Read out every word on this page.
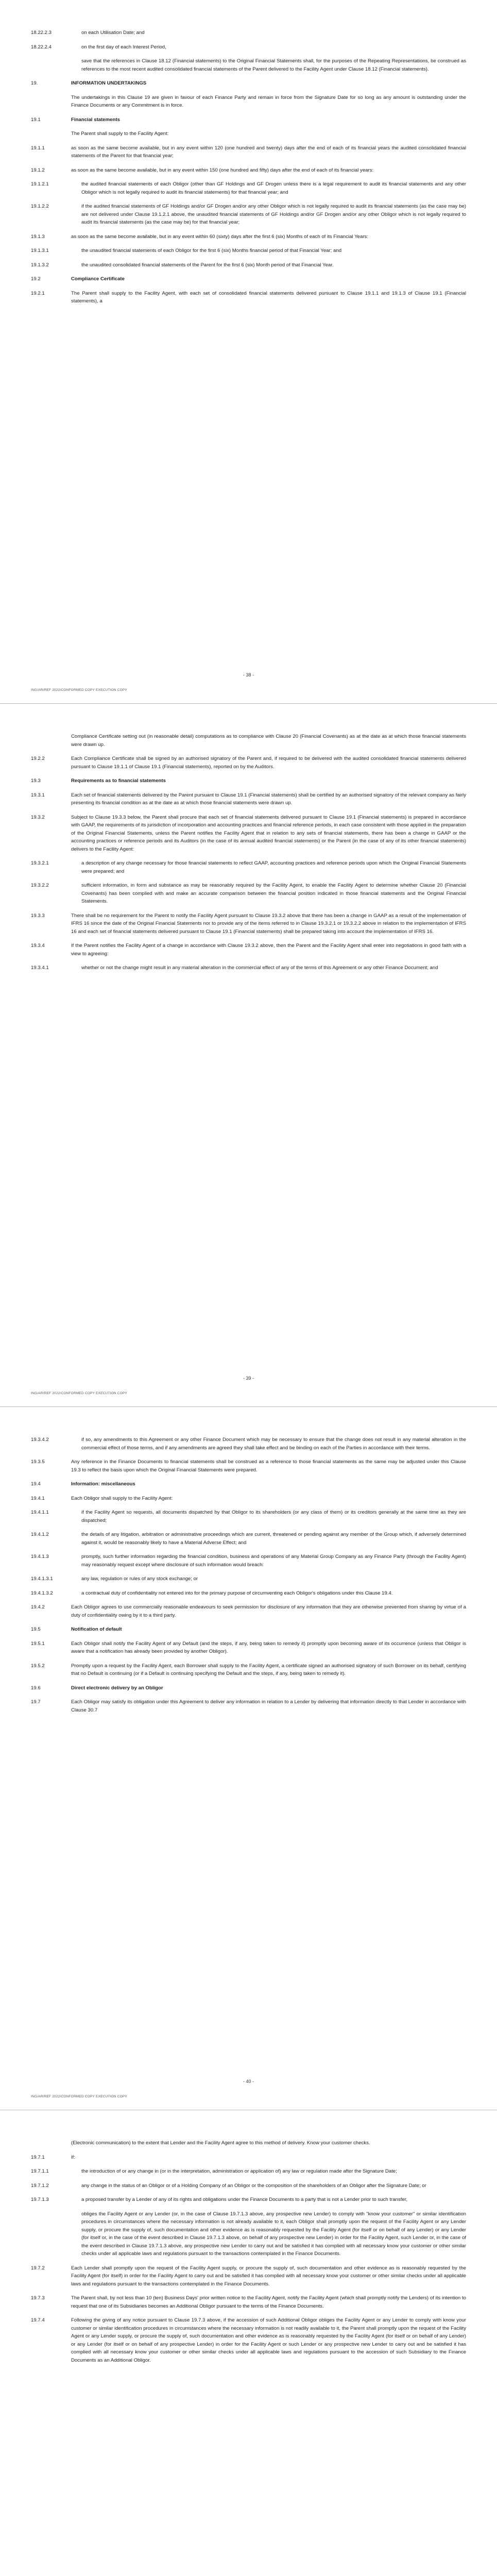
18.22.2.3	on each Utilisation Date; and
18.22.2.4	on the first day of each Interest Period,
save that the references in Clause 18.12 (Financial statements) to the Original Financial Statements shall, for the purposes of the Repeating Representations, be construed as references to the most recent audited consolidated financial statements of the Parent delivered to the Facility Agent under Clause 18.12 (Financial statements).
19.	INFORMATION UNDERTAKINGS
The undertakings in this Clause 19 are given in favour of each Finance Party and remain in force from the Signature Date for so long as any amount is outstanding under the Finance Documents or any Commitment is in force.
19.1	Financial statements
The Parent shall supply to the Facility Agent:
19.1.1	as soon as the same become available, but in any event within 120 (one hundred and twenty) days after the end of each of its financial years the audited consolidated financial statements of the Parent for that financial year;
19.1.2	as soon as the same become available, but in any event within 150 (one hundred and fifty) days after the end of each of its financial years:
19.1.2.1	the audited financial statements of each Obligor (other than GF Holdings and GF Drogen unless there is a legal requirement to audit its financial statements and any other Obligor which is not legally required to audit its financial statements) for that financial year; and
19.1.2.2	if the audited financial statements of GF Holdings and/or GF Drogen and/or any other Obligor which is not legally required to audit its financial statements (as the case may be) are not delivered under Clause 19.1.2.1 above, the unaudited financial statements of GF Holdings and/or GF Drogen and/or any other Obligor which is not legally required to audit its financial statements (as the case may be) for that financial year;
19.1.3	as soon as the same become available, but in any event within 60 (sixty) days after the first 6 (six) Months of each of its Financial Years:
19.1.3.1	the unaudited financial statements of each Obligor for the first 6 (six) Months financial period of that Financial Year; and
19.1.3.2	the unaudited consolidated financial statements of the Parent for the first 6 (six) Month period of that Financial Year.
19.2	Compliance Certificate
19.2.1	The Parent shall supply to the Facility Agent, with each set of consolidated financial statements delivered pursuant to Clause 19.1.1 and 19.1.3 of Clause 19.1 (Financial statements), a
- 38 -
ING/AR/REF 2022/CONFORMED COPY EXECUTION COPY
Compliance Certificate setting out (in reasonable detail) computations as to compliance with Clause 20 (Financial Covenants) as at the date as at which those financial statements were drawn up.
19.2.2	Each Compliance Certificate shall be signed by an authorised signatory of the Parent and, if required to be delivered with the audited consolidated financial statements delivered pursuant to Clause 19.1.1 of Clause 19.1 (Financial statements), reported on by the Auditors.
19.3	Requirements as to financial statements
19.3.1	Each set of financial statements delivered by the Parent pursuant to Clause 19.1 (Financial statements) shall be certified by an authorised signatory of the relevant company as fairly presenting its financial condition as at the date as at which those financial statements were drawn up.
19.3.2	Subject to Clause 19.3.3 below, the Parent shall procure that each set of financial statements delivered pursuant to Clause 19.1 (Financial statements) is prepared in accordance with GAAP, the requirements of its jurisdiction of incorporation and accounting practices and financial reference periods, in each case consistent with those applied in the preparation of the Original Financial Statements, unless the Parent notifies the Facility Agent that in relation to any sets of financial statements, there has been a change in GAAP or the accounting practices or reference periods and its Auditors (in the case of its annual audited financial statements) or the Parent (in the case of any of its other financial statements) delivers to the Facility Agent:
19.3.2.1	a description of any change necessary for those financial statements to reflect GAAP, accounting practices and reference periods upon which the Original Financial Statements were prepared; and
19.3.2.2	sufficient information, in form and substance as may be reasonably required by the Facility Agent, to enable the Facility Agent to determine whether Clause 20 (Financial Covenants) has been complied with and make an accurate comparison between the financial position indicated in those financial statements and the Original Financial Statements.
19.3.3	There shall be no requirement for the Parent to notify the Facility Agent pursuant to Clause 19.3.2 above that there has been a change in GAAP as a result of the implementation of IFRS 16 since the date of the Original Financial Statements nor to provide any of the items referred to in Clause 19.3.2.1 or 19.3.2.2 above in relation to the implementation of IFRS 16 and each set of financial statements delivered pursuant to Clause 19.1 (Financial statements) shall be prepared taking into account the implementation of IFRS 16.
19.3.4	If the Parent notifies the Facility Agent of a change in accordance with Clause 19.3.2 above, then the Parent and the Facility Agent shall enter into negotiations in good faith with a view to agreeing:
19.3.4.1	whether or not the change might result in any material alteration in the commercial effect of any of the terms of this Agreement or any other Finance Document; and
- 39 -
ING/AR/REF 2022/CONFORMED COPY EXECUTION COPY
19.3.4.2	if so, any amendments to this Agreement or any other Finance Document which may be necessary to ensure that the change does not result in any material alteration in the commercial effect of those terms, and if any amendments are agreed they shall take effect and be binding on each of the Parties in accordance with their terms.
19.3.5	Any reference in the Finance Documents to financial statements shall be construed as a reference to those financial statements as the same may be adjusted under this Clause 19.3 to reflect the basis upon which the Original Financial Statements were prepared.
19.4	Information: miscellaneous
19.4.1	Each Obligor shall supply to the Facility Agent:
19.4.1.1	if the Facility Agent so requests, all documents dispatched by that Obligor to its shareholders (or any class of them) or its creditors generally at the same time as they are dispatched;
19.4.1.2	the details of any litigation, arbitration or administrative proceedings which are current, threatened or pending against any member of the Group which, if adversely determined against it, would be reasonably likely to have a Material Adverse Effect; and
19.4.1.3	promptly, such further information regarding the financial condition, business and operations of any Material Group Company as any Finance Party (through the Facility Agent) may reasonably request except where disclosure of such information would breach:
19.4.1.3.1	any law, regulation or rules of any stock exchange; or
19.4.1.3.2	a contractual duty of confidentiality not entered into for the primary purpose of circumventing each Obligor's obligations under this Clause 19.4.
19.4.2	Each Obligor agrees to use commercially reasonable endeavours to seek permission for disclosure of any information that they are otherwise prevented from sharing by virtue of a duty of confidentiality owing by it to a third party.
19.5	Notification of default
19.5.1	Each Obligor shall notify the Facility Agent of any Default (and the steps, if any, being taken to remedy it) promptly upon becoming aware of its occurrence (unless that Obligor is aware that a notification has already been provided by another Obligor).
19.5.2	Promptly upon a request by the Facility Agent, each Borrower shall supply to the Facility Agent, a certificate signed an authorised signatory of such Borrower on its behalf, certifying that no Default is continuing (or if a Default is continuing specifying the Default and the steps, if any, being taken to remedy it).
19.6	Direct electronic delivery by an Obligor
19.7	Each Obligor may satisfy its obligation under this Agreement to deliver any information in relation to a Lender by delivering that information directly to that Lender in accordance with Clause 30.7
- 40 -
ING/AR/REF 2022/CONFORMED COPY EXECUTION COPY
(Electronic communication) to the extent that Lender and the Facility Agent agree to this method of delivery. Know your customer checks.
19.7.1	If:
19.7.1.1	the introduction of or any change in (or in the interpretation, administration or application of) any law or regulation made after the Signature Date;
19.7.1.2	any change in the status of an Obligor or of a Holding Company of an Obligor or the composition of the shareholders of an Obligor after the Signature Date; or
19.7.1.3	a proposed transfer by a Lender of any of its rights and obligations under the Finance Documents to a party that is not a Lender prior to such transfer,
obliges the Facility Agent or any Lender (or, in the case of Clause 19.7.1.3 above, any prospective new Lender) to comply with "know your customer" or similar identification procedures in circumstances where the necessary information is not already available to it, each Obligor shall promptly upon the request of the Facility Agent or any Lender supply, or procure the supply of, such documentation and other evidence as is reasonably requested by the Facility Agent (for itself or on behalf of any Lender) or any Lender (for itself or, in the case of the event described in Clause 19.7.1.3 above, on behalf of any prospective new Lender) in order for the Facility Agent, such Lender or, in the case of the event described in Clause 19.7.1.3 above, any prospective new Lender to carry out and be satisfied it has complied with all necessary know your customer or other similar checks under all applicable laws and regulations pursuant to the transactions contemplated in the Finance Documents.
19.7.2	Each Lender shall promptly upon the request of the Facility Agent supply, or procure the supply of, such documentation and other evidence as is reasonably requested by the Facility Agent (for itself) in order for the Facility Agent to carry out and be satisfied it has complied with all necessary know your customer or other similar checks under all applicable laws and regulations pursuant to the transactions contemplated in the Finance Documents.
19.7.3	The Parent shall, by not less than 10 (ten) Business Days' prior written notice to the Facility Agent, notify the Facility Agent (which shall promptly notify the Lenders) of its intention to request that one of its Subsidiaries becomes an Additional Obligor pursuant to the terms of the Finance Documents.
19.7.4	Following the giving of any notice pursuant to Clause 19.7.3 above, if the accession of such Additional Obligor obliges the Facility Agent or any Lender to comply with know your customer or similar identification procedures in circumstances where the necessary information is not readily available to it, the Parent shall promptly upon the request of the Facility Agent or any Lender supply, or procure the supply of, such documentation and other evidence as is reasonably requested by the Facility Agent (for itself or on behalf of any Lender) or any Lender (for itself or on behalf of any prospective Lender) in order for the Facility Agent or such Lender or any prospective new Lender to carry out and be satisfied it has complied with all necessary know your customer or other similar checks under all applicable laws and regulations pursuant to the accession of such Subsidiary to the Finance Documents as an Additional Obligor.
